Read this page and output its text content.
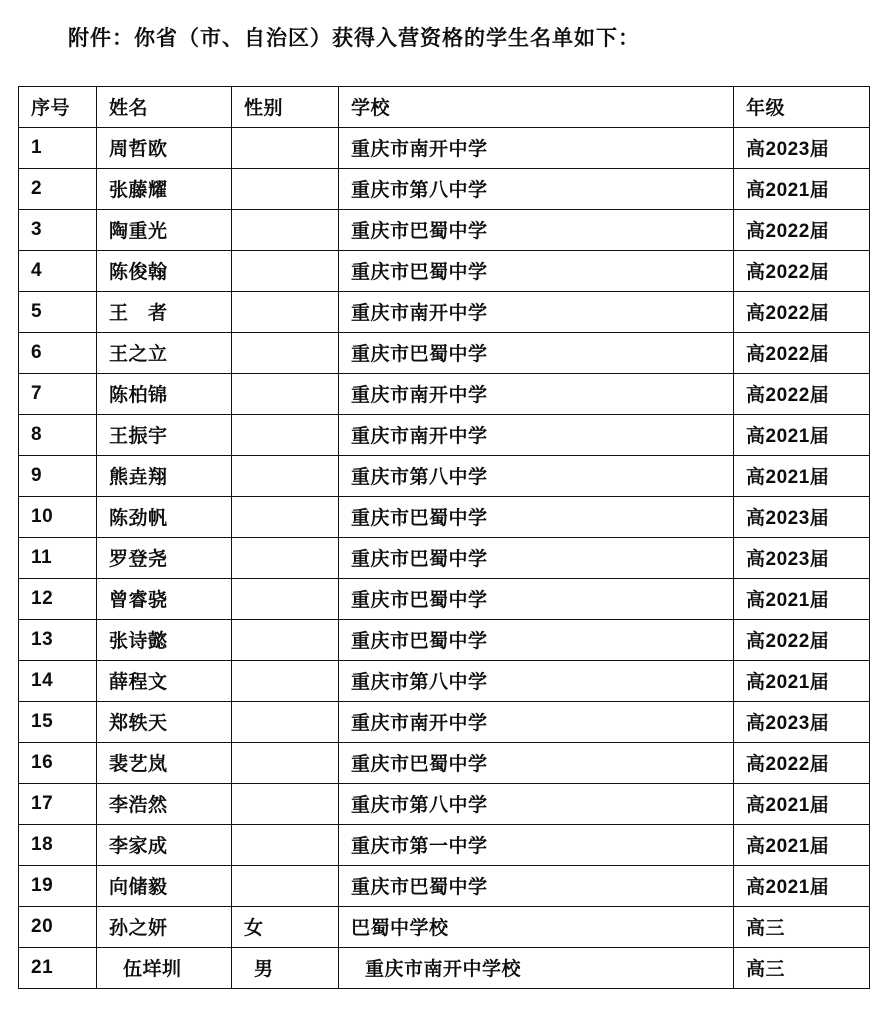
附件：你省（市、自治区）获得入营资格的学生名单如下：
序号	姓名	性别	学校	年级
1	周哲欧		重庆市南开中学	高2023届
2	张藤耀		重庆市第八中学	高2021届
3	陶重光		重庆市巴蜀中学	高2022届
4	陈俊翰		重庆市巴蜀中学	高2022届
5	王　者		重庆市南开中学	高2022届
6	王之立		重庆市巴蜀中学	高2022届
7	陈柏锦		重庆市南开中学	高2022届
8	王振宇		重庆市南开中学	高2021届
9	熊垚翔		重庆市第八中学	高2021届
10	陈劲帆		重庆市巴蜀中学	高2023届
11	罗登尧		重庆市巴蜀中学	高2023届
12	曾睿骁		重庆市巴蜀中学	高2021届
13	张诗懿		重庆市巴蜀中学	高2022届
14	薛程文		重庆市第八中学	高2021届
15	郑轶天		重庆市南开中学	高2023届
16	裴艺岚		重庆市巴蜀中学	高2022届
17	李浩然		重庆市第八中学	高2021届
18	李家成		重庆市第一中学	高2021届
19	向储毅		重庆市巴蜀中学	高2021届
20	孙之妍	女	巴蜀中学校	高三
21	伍垟圳	男	重庆市南开中学校	高三
